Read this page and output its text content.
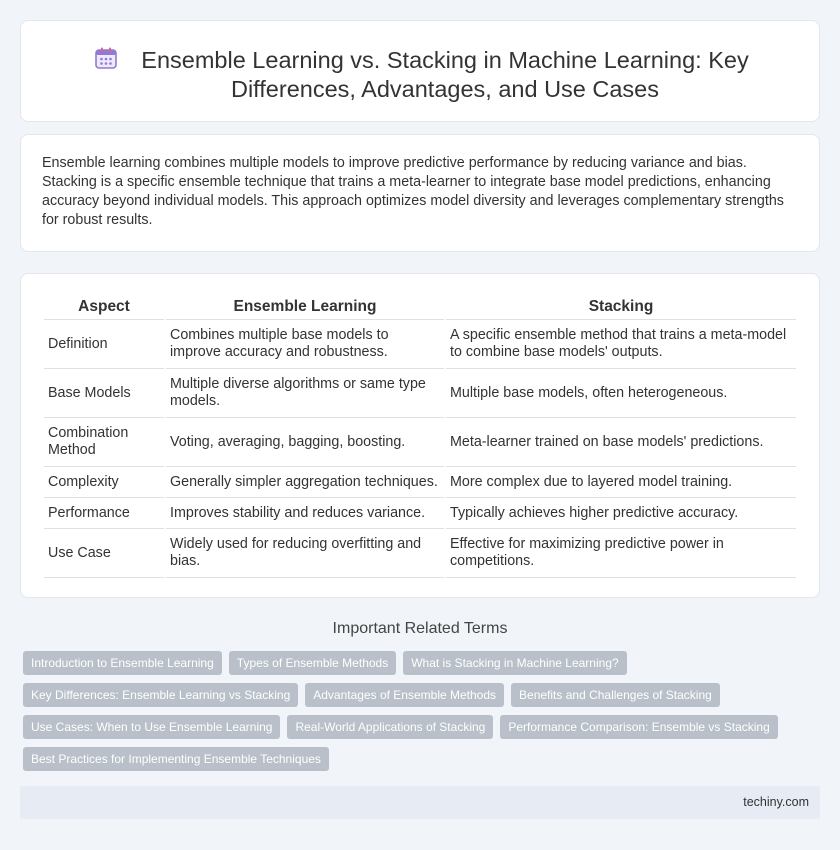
Ensemble Learning vs. Stacking in Machine Learning: Key Differences, Advantages, and Use Cases

Ensemble learning combines multiple models to improve predictive performance by reducing variance and bias. Stacking is a specific ensemble technique that trains a meta-learner to integrate base model predictions, enhancing accuracy beyond individual models. This approach optimizes model diversity and leverages complementary strengths for robust results.

Aspect	Ensemble Learning	Stacking
Definition	Combines multiple base models to improve accuracy and robustness.	A specific ensemble method that trains a meta-model to combine base models' outputs.
Base Models	Multiple diverse algorithms or same type models.	Multiple base models, often heterogeneous.
Combination Method	Voting, averaging, bagging, boosting.	Meta-learner trained on base models' predictions.
Complexity	Generally simpler aggregation techniques.	More complex due to layered model training.
Performance	Improves stability and reduces variance.	Typically achieves higher predictive accuracy.
Use Case	Widely used for reducing overfitting and bias.	Effective for maximizing predictive power in competitions.
Important Related Terms
Introduction to Ensemble Learning	Types of Ensemble Methods	What is Stacking in Machine Learning?
Key Differences: Ensemble Learning vs Stacking	Advantages of Ensemble Methods	Benefits and Challenges of Stacking
Use Cases: When to Use Ensemble Learning	Real-World Applications of Stacking	Performance Comparison: Ensemble vs Stacking
Best Practices for Implementing Ensemble Techniques
techiny.com
